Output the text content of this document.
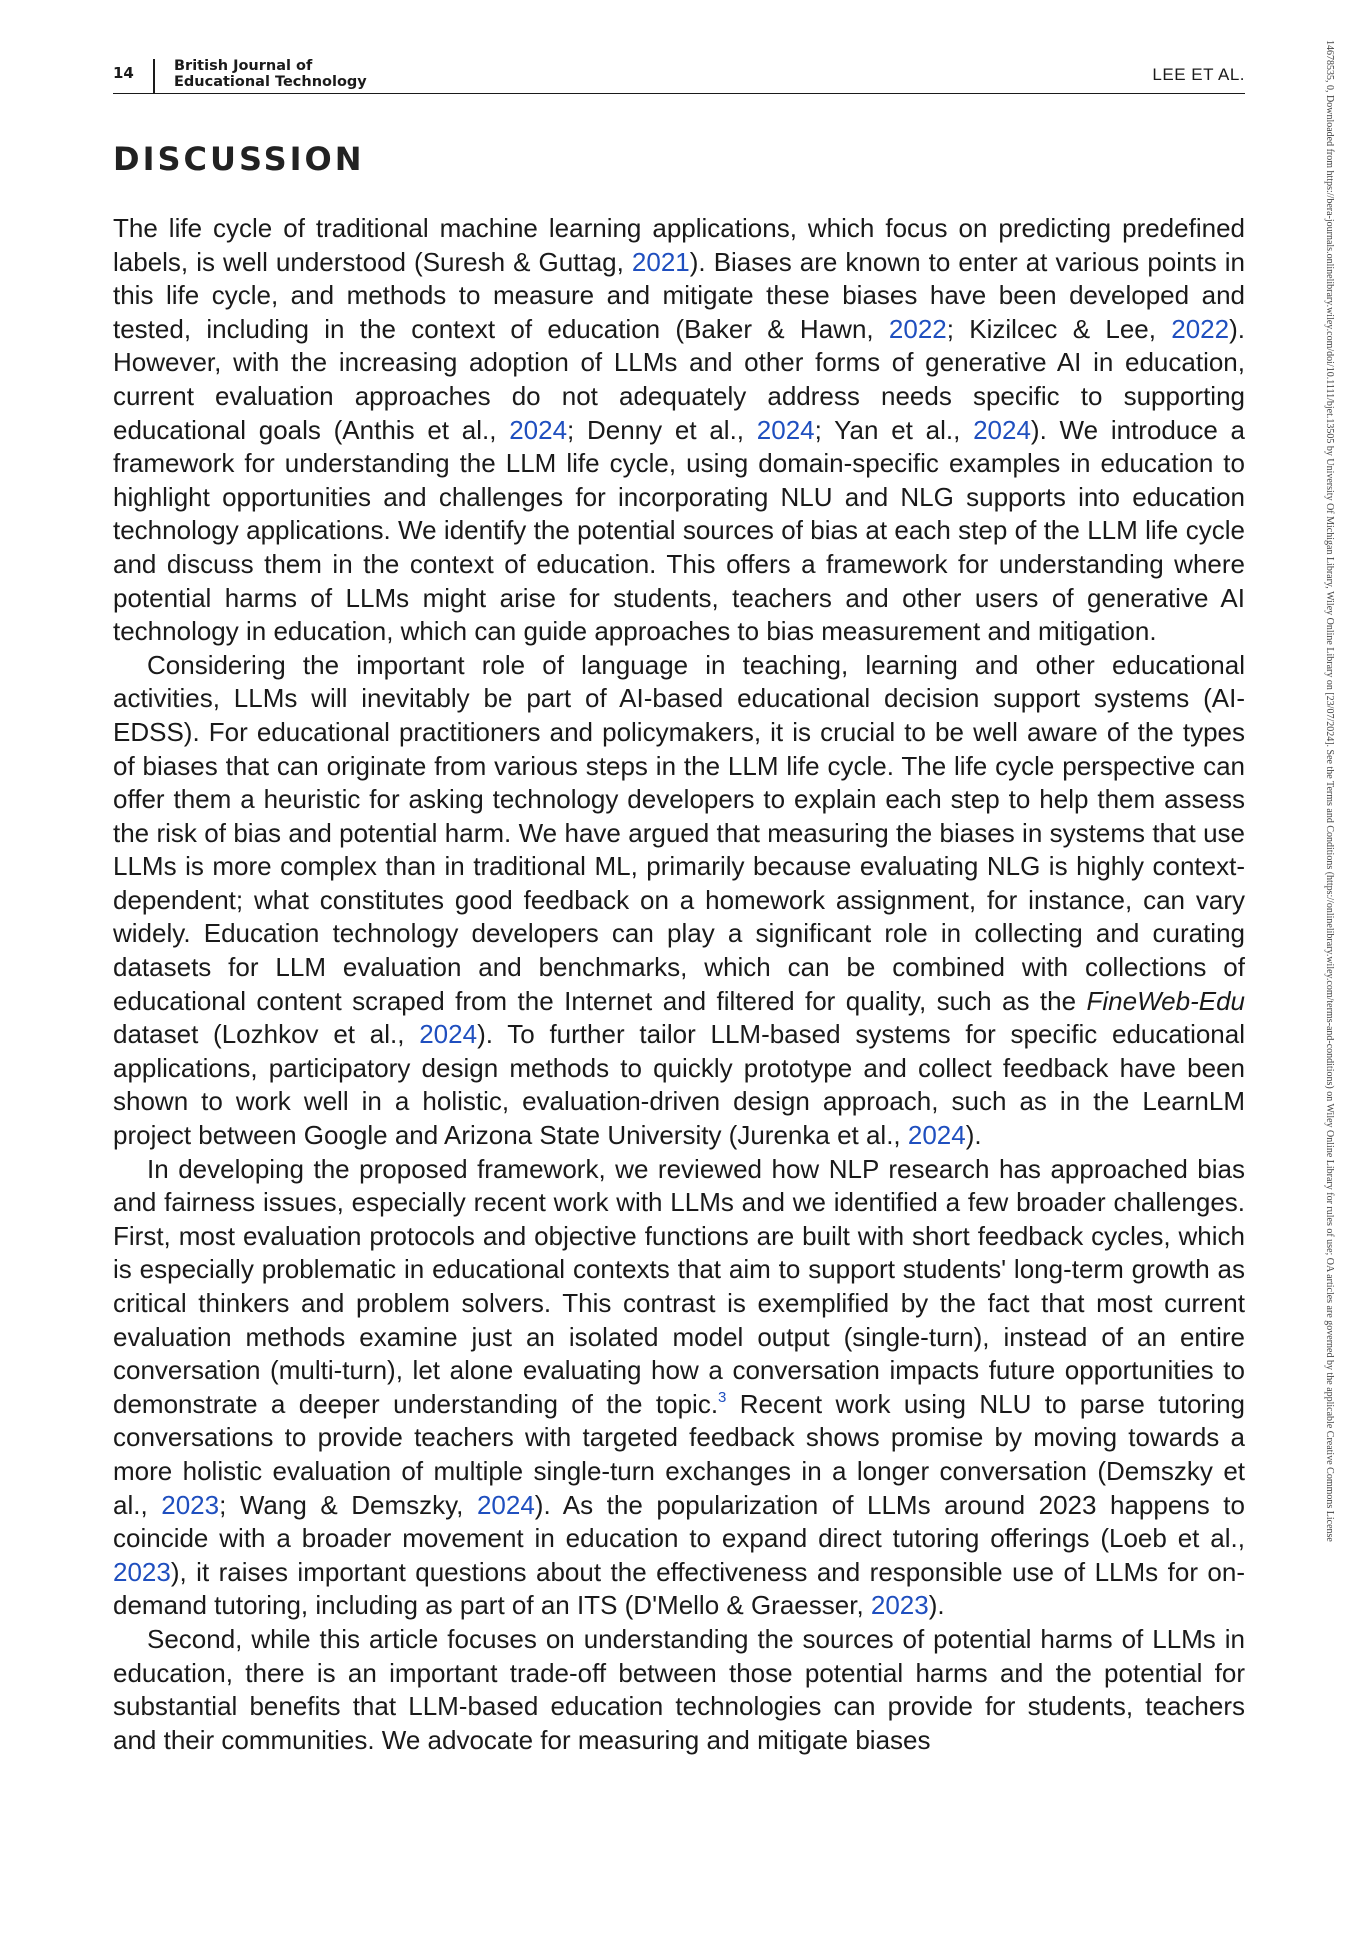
14	British Journal of
Educational Technology	LEE ET AL.	14678535, 0, Downloaded from https://bera-journals.onlinelibrary.wiley.com/doi/10.1111/bjet.13505 by University Of Michigan Library, Wiley Online Library on [23/07/2024]. See the Terms and Conditions (https://onlinelibrary.wiley.com/terms-and-conditions) on Wiley Online Library for rules of use; OA articles are governed by the applicable Creative Commons License
DISCUSSION

The life cycle of traditional machine learning applications, which focus on predicting predefined labels, is well understood (Suresh & Guttag, 2021). Biases are known to enter at various points in this life cycle, and methods to measure and mitigate these biases have been developed and tested, including in the context of education (Baker & Hawn, 2022; Kizilcec & Lee, 2022). However, with the increasing adoption of LLMs and other forms of generative AI in education, current evaluation approaches do not adequately address needs specific to supporting educational goals (Anthis et al., 2024; Denny et al., 2024; Yan et al., 2024). We introduce a framework for understanding the LLM life cycle, using domain-specific examples in education to highlight opportunities and challenges for incorporating NLU and NLG supports into education technology applications. We identify the potential sources of bias at each step of the LLM life cycle and discuss them in the context of education. This offers a framework for understanding where potential harms of LLMs might arise for students, teachers and other users of generative AI technology in education, which can guide approaches to bias measurement and mitigation.

Considering the important role of language in teaching, learning and other educational activities, LLMs will inevitably be part of AI-based educational decision support systems (AI-EDSS). For educational practitioners and policymakers, it is crucial to be well aware of the types of biases that can originate from various steps in the LLM life cycle. The life cycle perspective can offer them a heuristic for asking technology developers to explain each step to help them assess the risk of bias and potential harm. We have argued that measuring the biases in systems that use LLMs is more complex than in traditional ML, primarily because evaluating NLG is highly context-dependent; what constitutes good feedback on a homework assignment, for instance, can vary widely. Education technology developers can play a significant role in collecting and curating datasets for LLM evaluation and benchmarks, which can be combined with collections of educational content scraped from the Internet and filtered for quality, such as the FineWeb-Edu dataset (Lozhkov et al., 2024). To further tailor LLM-based systems for specific educational applications, participatory design methods to quickly prototype and collect feedback have been shown to work well in a holistic, evaluation-driven design approach, such as in the LearnLM project between Google and Arizona State University (Jurenka et al., 2024).

In developing the proposed framework, we reviewed how NLP research has approached bias and fairness issues, especially recent work with LLMs and we identified a few broader challenges. First, most evaluation protocols and objective functions are built with short feedback cycles, which is especially problematic in educational contexts that aim to support students' long-term growth as critical thinkers and problem solvers. This contrast is exemplified by the fact that most current evaluation methods examine just an isolated model output (single-turn), instead of an entire conversation (multi-turn), let alone evaluating how a conversation impacts future opportunities to demonstrate a deeper understanding of the topic.$^3$ Recent work using NLU to parse tutoring conversations to provide teachers with targeted feedback shows promise by moving towards a more holistic evaluation of multiple single-turn exchanges in a longer conversation (Demszky et al., 2023; Wang & Demszky, 2024). As the popularization of LLMs around 2023 happens to coincide with a broader movement in education to expand direct tutoring offerings (Loeb et al., 2023), it raises important questions about the effectiveness and responsible use of LLMs for on-demand tutoring, including as part of an ITS (D'Mello & Graesser, 2023).

Second, while this article focuses on understanding the sources of potential harms of LLMs in education, there is an important trade-off between those potential harms and the potential for substantial benefits that LLM-based education technologies can provide for students, teachers and their communities. We advocate for measuring and mitigate biases
